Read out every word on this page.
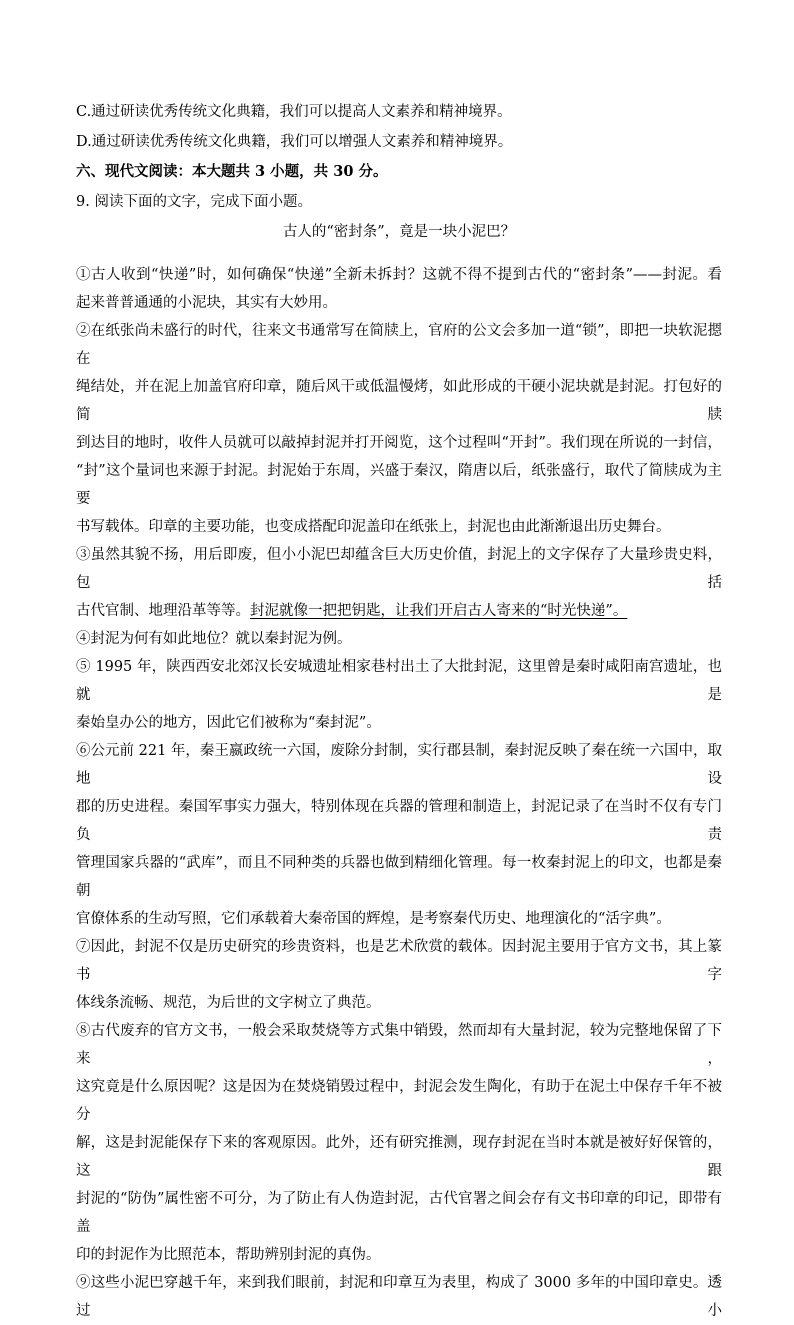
C.通过研读优秀传统文化典籍，我们可以提高人文素养和精神境界。

D.通过研读优秀传统文化典籍，我们可以增强人文素养和精神境界。

六、现代文阅读：本大题共 3 小题，共 30 分。

9. 阅读下面的文字，完成下面小题。

古人的“密封条”，竟是一块小泥巴？

①古人收到“快递”时，如何确保“快递”全新未拆封？这就不得不提到古代的“密封条”——封泥。看

起来普普通通的小泥块，其实有大妙用。

②在纸张尚未盛行的时代，往来文书通常写在简牍上，官府的公文会多加一道“锁”，即把一块软泥摁在

绳结处，并在泥上加盖官府印章，随后风干或低温慢烤，如此形成的干硬小泥块就是封泥。打包好的简牍

到达目的地时，收件人员就可以敲掉封泥并打开阅览，这个过程叫“开封”。我们现在所说的一封信，

“封”这个量词也来源于封泥。封泥始于东周，兴盛于秦汉，隋唐以后，纸张盛行，取代了简牍成为主要

书写载体。印章的主要功能，也变成搭配印泥盖印在纸张上，封泥也由此渐渐退出历史舞台。

③虽然其貌不扬，用后即废，但小小泥巴却蕴含巨大历史价值，封泥上的文字保存了大量珍贵史料，包括

古代官制、地理沿革等等。封泥就像一把把钥匙，让我们开启古人寄来的“时光快递”。

④封泥为何有如此地位？就以秦封泥为例。

⑤ 1995 年，陕西西安北郊汉长安城遗址相家巷村出土了大批封泥，这里曾是秦时咸阳南宫遗址，也就是

秦始皇办公的地方，因此它们被称为“秦封泥”。

⑥公元前 221 年，秦王嬴政统一六国，废除分封制，实行郡县制，秦封泥反映了秦在统一六国中，取地设

郡的历史进程。秦国军事实力强大，特别体现在兵器的管理和制造上，封泥记录了在当时不仅有专门负责

管理国家兵器的“武库”，而且不同种类的兵器也做到精细化管理。每一枚秦封泥上的印文，也都是秦朝

官僚体系的生动写照，它们承载着大秦帝国的辉煌，是考察秦代历史、地理演化的“活字典”。

⑦因此，封泥不仅是历史研究的珍贵资料，也是艺术欣赏的载体。因封泥主要用于官方文书，其上篆书字

体线条流畅、规范，为后世的文字树立了典范。

⑧古代废弃的官方文书，一般会采取焚烧等方式集中销毁，然而却有大量封泥，较为完整地保留了下来，

这究竟是什么原因呢？这是因为在焚烧销毁过程中，封泥会发生陶化，有助于在泥土中保存千年不被分

解，这是封泥能保存下来的客观原因。此外，还有研究推测，现存封泥在当时本就是被好好保管的，这跟

封泥的“防伪”属性密不可分，为了防止有人伪造封泥，古代官署之间会存有文书印章的印记，即带有盖

印的封泥作为比照范本，帮助辨别封泥的真伪。

⑨这些小泥巴穿越千年，来到我们眼前，封泥和印章互为表里，构成了 3000 多年的中国印章史。透过小
